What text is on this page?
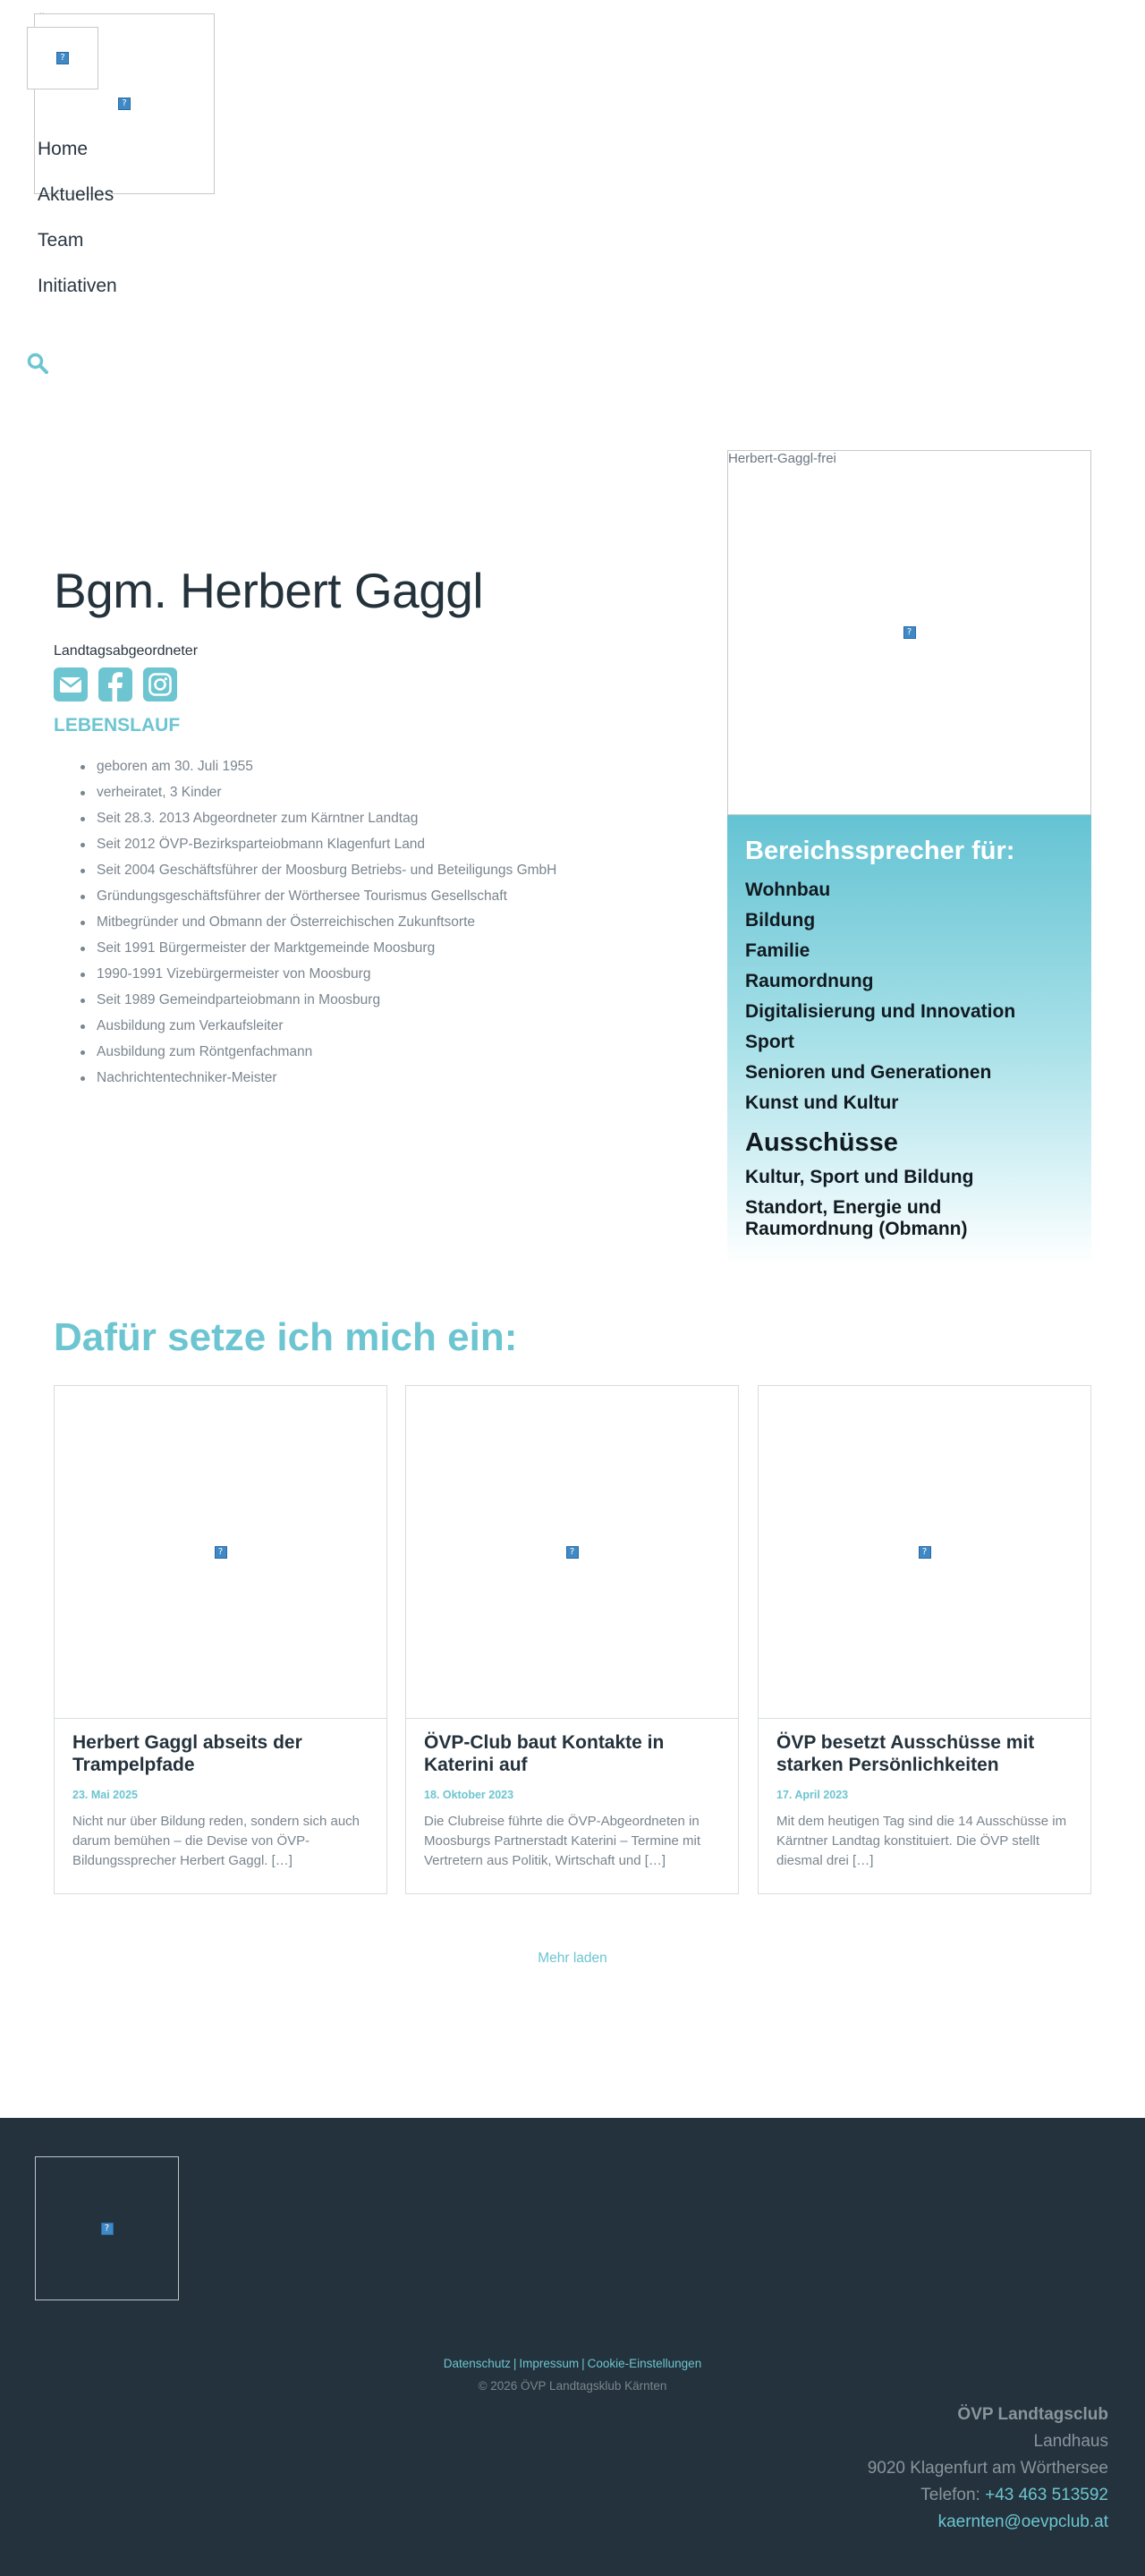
?
?
Home
Aktuelles
Team
Initiativen
Herbert-Gaggl-frei
?
Bgm. Herbert Gaggl
Landtagsabgeordneter
LEBENSLAUF
geboren am 30. Juli 1955
verheiratet, 3 Kinder
Seit 28.3. 2013 Abgeordneter zum Kärntner Landtag
Seit 2012 ÖVP-Bezirksparteiobmann Klagenfurt Land
Seit 2004 Geschäftsführer der Moosburg Betriebs- und Beteiligungs GmbH
Gründungsgeschäftsführer der Wörthersee Tourismus Gesellschaft
Mitbegründer und Obmann der Österreichischen Zukunftsorte
Seit 1991 Bürgermeister der Marktgemeinde Moosburg
1990-1991 Vizebürgermeister von Moosburg
Seit 1989 Gemeindparteiobmann in Moosburg
Ausbildung zum Verkaufsleiter
Ausbildung zum Röntgenfachmann
Nachrichtentechniker-Meister
Bereichssprecher für:
Wohnbau
Bildung
Familie
Raumordnung
Digitalisierung und Innovation
Sport
Senioren und Generationen
Kunst und Kultur
Ausschüsse
Kultur, Sport und Bildung
Standort, Energie und Raumordnung (Obmann)
Dafür setze ich mich ein:
?
Herbert Gaggl abseits der Trampelpfade
23. Mai 2025
Nicht nur über Bildung reden, sondern sich auch darum bemühen – die Devise von ÖVP-Bildungssprecher Herbert Gaggl. […]
?
ÖVP-Club baut Kontakte in Katerini auf
18. Oktober 2023
Die Clubreise führte die ÖVP-Abgeordneten in Moosburgs Partnerstadt Katerini – Termine mit Vertretern aus Politik, Wirtschaft und […]
?
ÖVP besetzt Ausschüsse mit starken Persönlichkeiten
17. April 2023
Mit dem heutigen Tag sind die 14 Ausschüsse im Kärntner Landtag konstituiert. Die ÖVP stellt diesmal drei […]
Mehr laden
?
Datenschutz | Impressum | Cookie-Einstellungen
© 2026 ÖVP Landtagsklub Kärnten
ÖVP Landtagsclub
Landhaus
9020 Klagenfurt am Wörthersee
Telefon: +43 463 513592
kaernten@oevpclub.at
